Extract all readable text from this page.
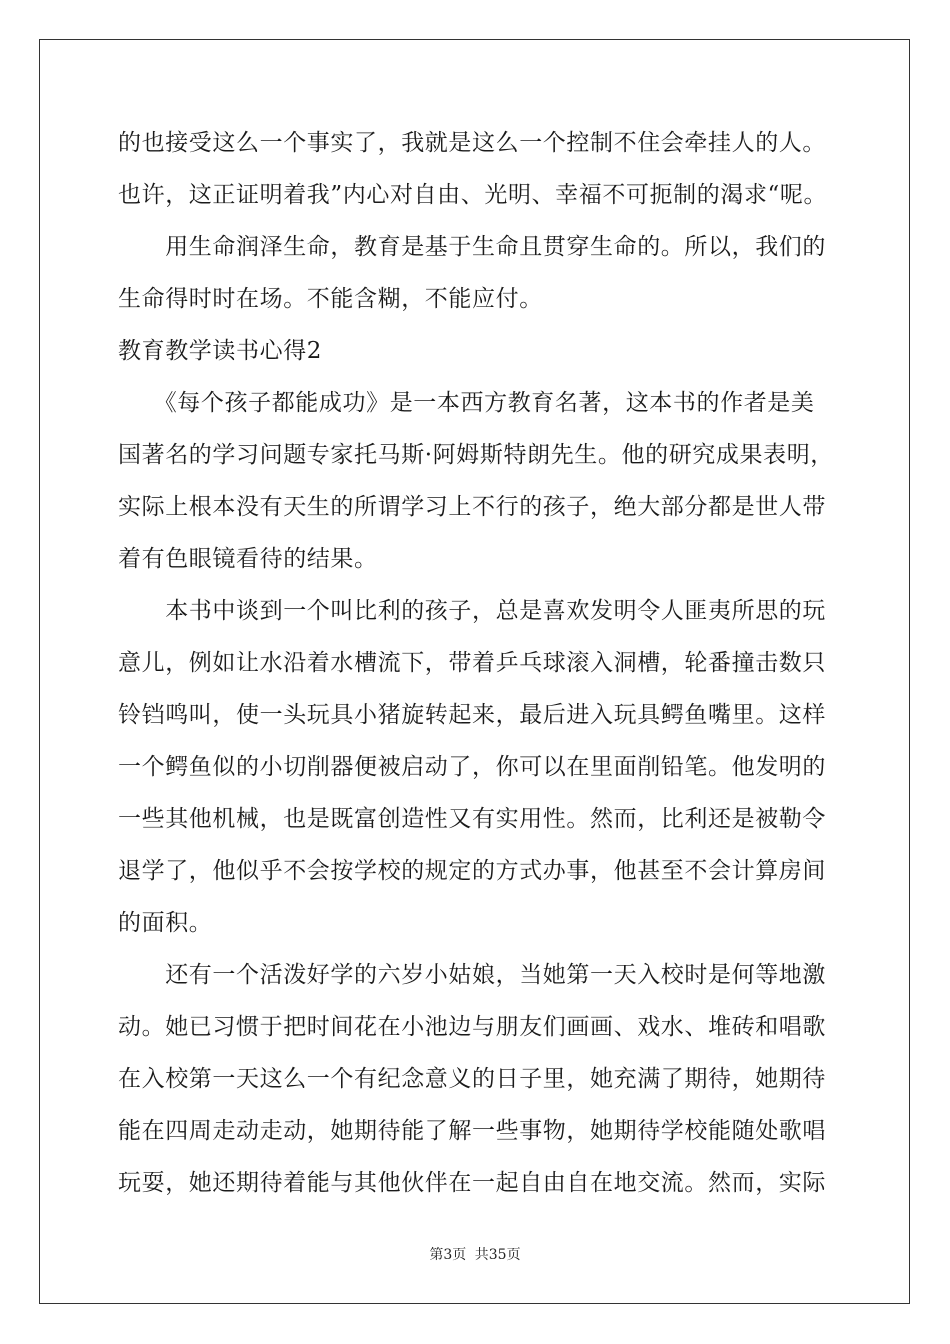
的也接受这么一个事实了，我就是这么一个控制不住会牵挂人的人。
也许，这正证明着我”内心对自由、光明、幸福不可扼制的渴求“呢。
　　用生命润泽生命，教育是基于生命且贯穿生命的。所以，我们的
生命得时时在场。不能含糊，不能应付。
教育教学读书心得2
　　《每个孩子都能成功》是一本西方教育名著，这本书的作者是美
国著名的学习问题专家托马斯·阿姆斯特朗先生。他的研究成果表明，
实际上根本没有天生的所谓学习上不行的孩子，绝大部分都是世人带
着有色眼镜看待的结果。
　　本书中谈到一个叫比利的孩子，总是喜欢发明令人匪夷所思的玩
意儿，例如让水沿着水槽流下，带着乒乓球滚入洞槽，轮番撞击数只
铃铛鸣叫，使一头玩具小猪旋转起来，最后进入玩具鳄鱼嘴里。这样
一个鳄鱼似的小切削器便被启动了，你可以在里面削铅笔。他发明的
一些其他机械，也是既富创造性又有实用性。然而，比利还是被勒令
退学了，他似乎不会按学校的规定的方式办事，他甚至不会计算房间
的面积。
　　还有一个活泼好学的六岁小姑娘，当她第一天入校时是何等地激
动。她已习惯于把时间花在小池边与朋友们画画、戏水、堆砖和唱歌
在入校第一天这么一个有纪念意义的日子里，她充满了期待，她期待
能在四周走动走动，她期待能了解一些事物，她期待学校能随处歌唱
玩耍，她还期待着能与其他伙伴在一起自由自在地交流。然而，实际
第3页 共35页
